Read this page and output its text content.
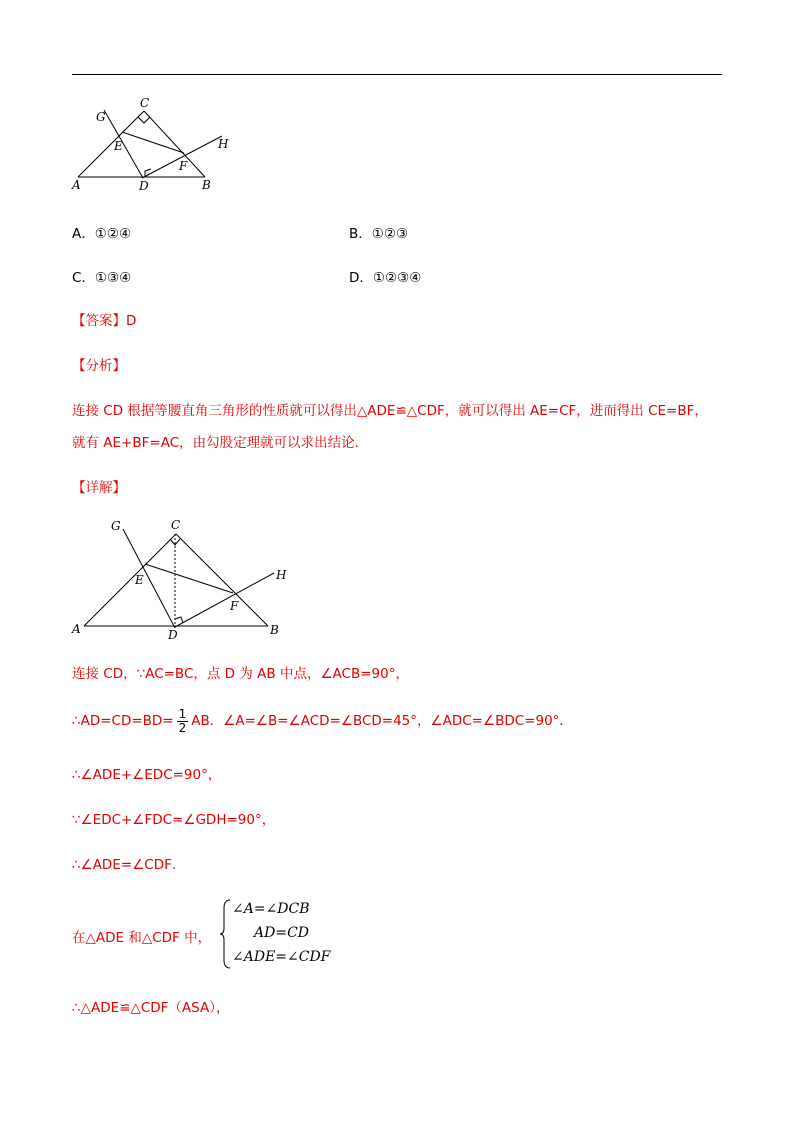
G
C
E	H
F
A	D	B
A．①②④	B．①②③
C．①③④	D．①②③④
【答案】D
【分析】
连接 CD 根据等腰直角三角形的性质就可以得出△ADE≌△CDF，就可以得出 AE=CF，进而得出 CE=BF，
就有 AE+BF=AC，由勾股定理就可以求出结论．
【详解】
G	C
E	H
F
A	D	B
连接 CD，∵AC=BC，点 D 为 AB 中点，∠ACB=90°，
∴AD=CD=BD= $\frac{1}{2}$ AB．∠A=∠B=∠ACD=∠BCD=45°，∠ADC=∠BDC=90°．
∴∠ADE+∠EDC=90°，
∵∠EDC+∠FDC=∠GDH=90°，
∴∠ADE=∠CDF．
在△ADE 和△CDF 中，
∠A=∠DCB
AD=CD
∠ADE=∠CDF
∴△ADE≌△CDF（ASA），
